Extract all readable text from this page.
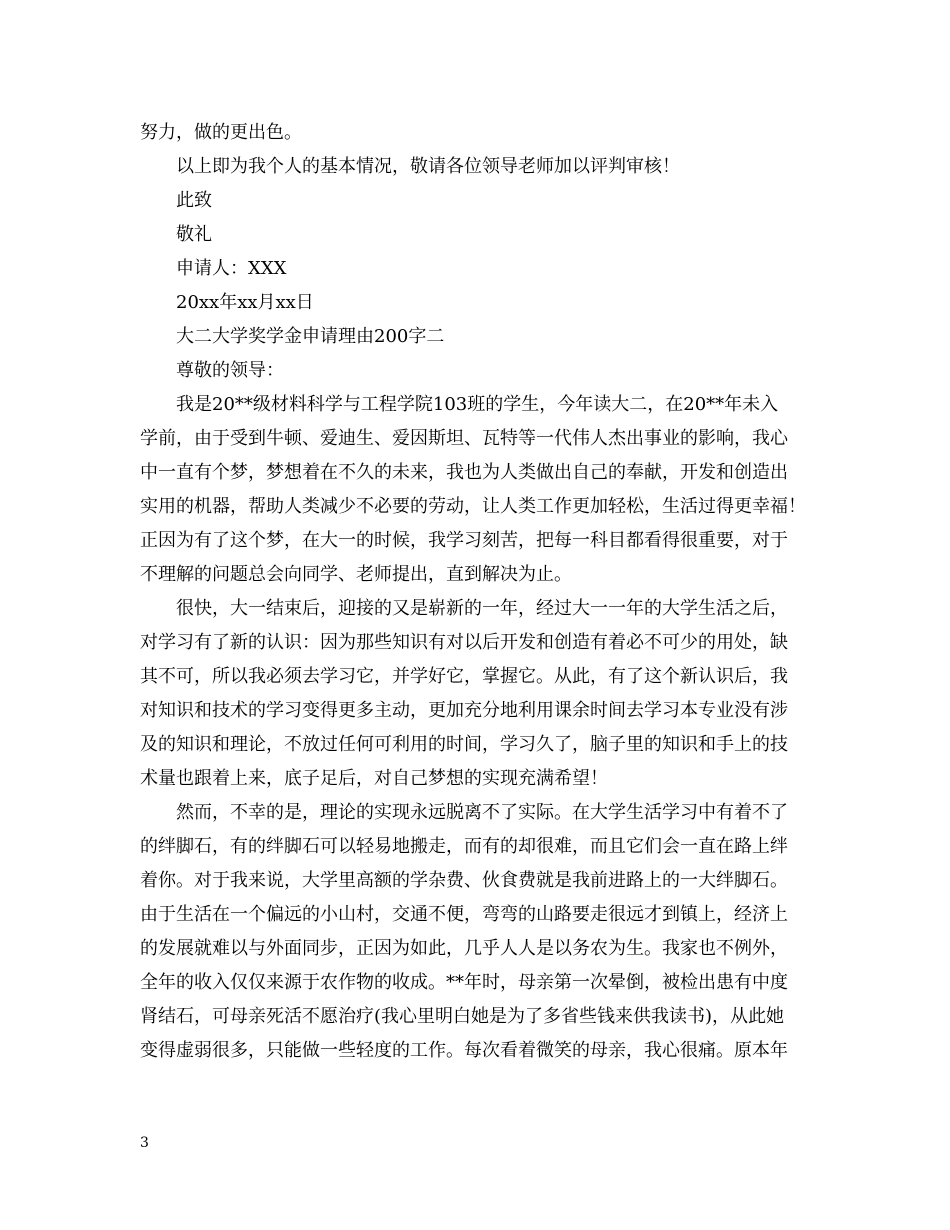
努力，做的更出色。
以上即为我个人的基本情况，敬请各位领导老师加以评判审核！
此致
敬礼
申请人：XXX
20xx年xx月xx日
大二大学奖学金申请理由200字二
尊敬的领导：
我是20**级材料科学与工程学院103班的学生，今年读大二，在20**年未入
学前，由于受到牛顿、爱迪生、爱因斯坦、瓦特等一代伟人杰出事业的影响，我心
中一直有个梦，梦想着在不久的未来，我也为人类做出自己的奉献，开发和创造出
实用的机器，帮助人类减少不必要的劳动，让人类工作更加轻松，生活过得更幸福！
正因为有了这个梦，在大一的时候，我学习刻苦，把每一科目都看得很重要，对于
不理解的问题总会向同学、老师提出，直到解决为止。
很快，大一结束后，迎接的又是崭新的一年，经过大一一年的大学生活之后，
对学习有了新的认识：因为那些知识有对以后开发和创造有着必不可少的用处，缺
其不可，所以我必须去学习它，并学好它，掌握它。从此，有了这个新认识后，我
对知识和技术的学习变得更多主动，更加充分地利用课余时间去学习本专业没有涉
及的知识和理论，不放过任何可利用的时间，学习久了，脑子里的知识和手上的技
术量也跟着上来，底子足后，对自己梦想的实现充满希望！
然而，不幸的是，理论的实现永远脱离不了实际。在大学生活学习中有着不了
的绊脚石，有的绊脚石可以轻易地搬走，而有的却很难，而且它们会一直在路上绊
着你。对于我来说，大学里高额的学杂费、伙食费就是我前进路上的一大绊脚石。
由于生活在一个偏远的小山村，交通不便，弯弯的山路要走很远才到镇上，经济上
的发展就难以与外面同步，正因为如此，几乎人人是以务农为生。我家也不例外，
全年的收入仅仅来源于农作物的收成。**年时，母亲第一次晕倒，被检出患有中度
肾结石，可母亲死活不愿治疗(我心里明白她是为了多省些钱来供我读书)，从此她
变得虚弱很多，只能做一些轻度的工作。每次看着微笑的母亲，我心很痛。原本年
3
